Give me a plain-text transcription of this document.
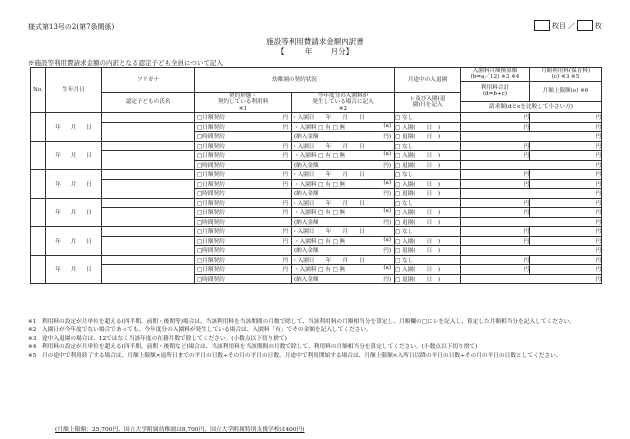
様式第13号の2(第7条関係)	枚目 ／	枚
施設等利用費請求金額内訳書
【	年 月分】
※施設等利用費請求金額の内訳となる認定子ども全員について記入
No.	生年月日	フリガナ	幼稚園の契約状況		月途中の入退園	入園料月額換算額
(b=a／12) ※3 ※4	月額利用料(保育料)
(c) ※3 ※5
						利用料合計
(d=b+c)	月額上限額(e) ※6
		認定子どもの氏名	契約形態・
契約している利用料
※1	今年度分の入園料が
発生している場合に記入
※2	レ及び入園(退
園)日を記入		
						請求額(dとeを比較して小さい方)	
	年 月 日		□月額契約 円	・入園日　　年　　月　　日	□ なし	円	円

			□日額契約 円	・入園料 □ 有 □ 無 (a)	□ 入園(　　日　)	円	円

			□時間契約	(納入金額 円)	□ 退園(　　日　)	円	
	年 月 日		□月額契約 円	・入園日　　年　　月　　日	□ なし	円	円

			□日額契約 円	・入園料 □ 有 □ 無 (a)	□ 入園(　　日　)	円	円

			□時間契約	(納入金額 円)	□ 退園(　　日　)	円	
	年 月 日		□月額契約 円	・入園日　　年　　月　　日	□ なし	円	円

			□日額契約 円	・入園料 □ 有 □ 無 (a)	□ 入園(　　日　)	円	円

			□時間契約	(納入金額 円)	□ 退園(　　日　)	円	
	年 月 日		□月額契約 円	・入園日　　年　　月　　日	□ なし	円	円

			□日額契約 円	・入園料 □ 有 □ 無 (a)	□ 入園(　　日　)	円	円

			□時間契約	(納入金額 円)	□ 退園(　　日　)	円	
	年 月 日		□月額契約 円	・入園日　　年　　月　　日	□ なし	円	円

			□日額契約 円	・入園料 □ 有 □ 無 (a)	□ 入園(　　日　)	円	円

			□時間契約	(納入金額 円)	□ 退園(　　日　)	円	
	年 月 日		□月額契約 円	・入園日　　年　　月　　日	□ なし	円	円

			□日額契約 円	・入園料 □ 有 □ 無 (a)	□ 入園(　　日　)	円	円

			□時間契約	(納入金額 円)	□ 退園(　　日　)	円	
※1 利用料の設定が月単位を超える(四半期、前期・後期等)場合は、当該利用料を当該期間の月数で除して、当該利用料の月額相当分を算定し、月額欄の□にレを記入し、算定した月額相当分を記入してください。
※2 入園日が今年度でない場合であっても、今年度分の入園料が発生している場合は、入園料「有」でその金額を記入してください。
※3 途中入退園の場合は、12ではなく当該年度の在籍月数で除してください。(小数点以下切り捨て)
※4 利用料の設定が月単位を超える(四半期、前期・後期など)場合は、当該利用料を当該期間の月数で除して、利用料の月額相当分を算定してください。(小数点以下切り捨て)
※5 月の途中で利用終了する場合は、月額上限額×退所日までの平日の日数÷その月の平日の日数、月途中で利用開始する場合は、月額上限額×入所日以降の平日の日数÷その月の平日の日数としてください。
(月額上限額：25,700円、国立大学附属幼稚園は8,700円、国立大学附属特別支援学校は400円)
